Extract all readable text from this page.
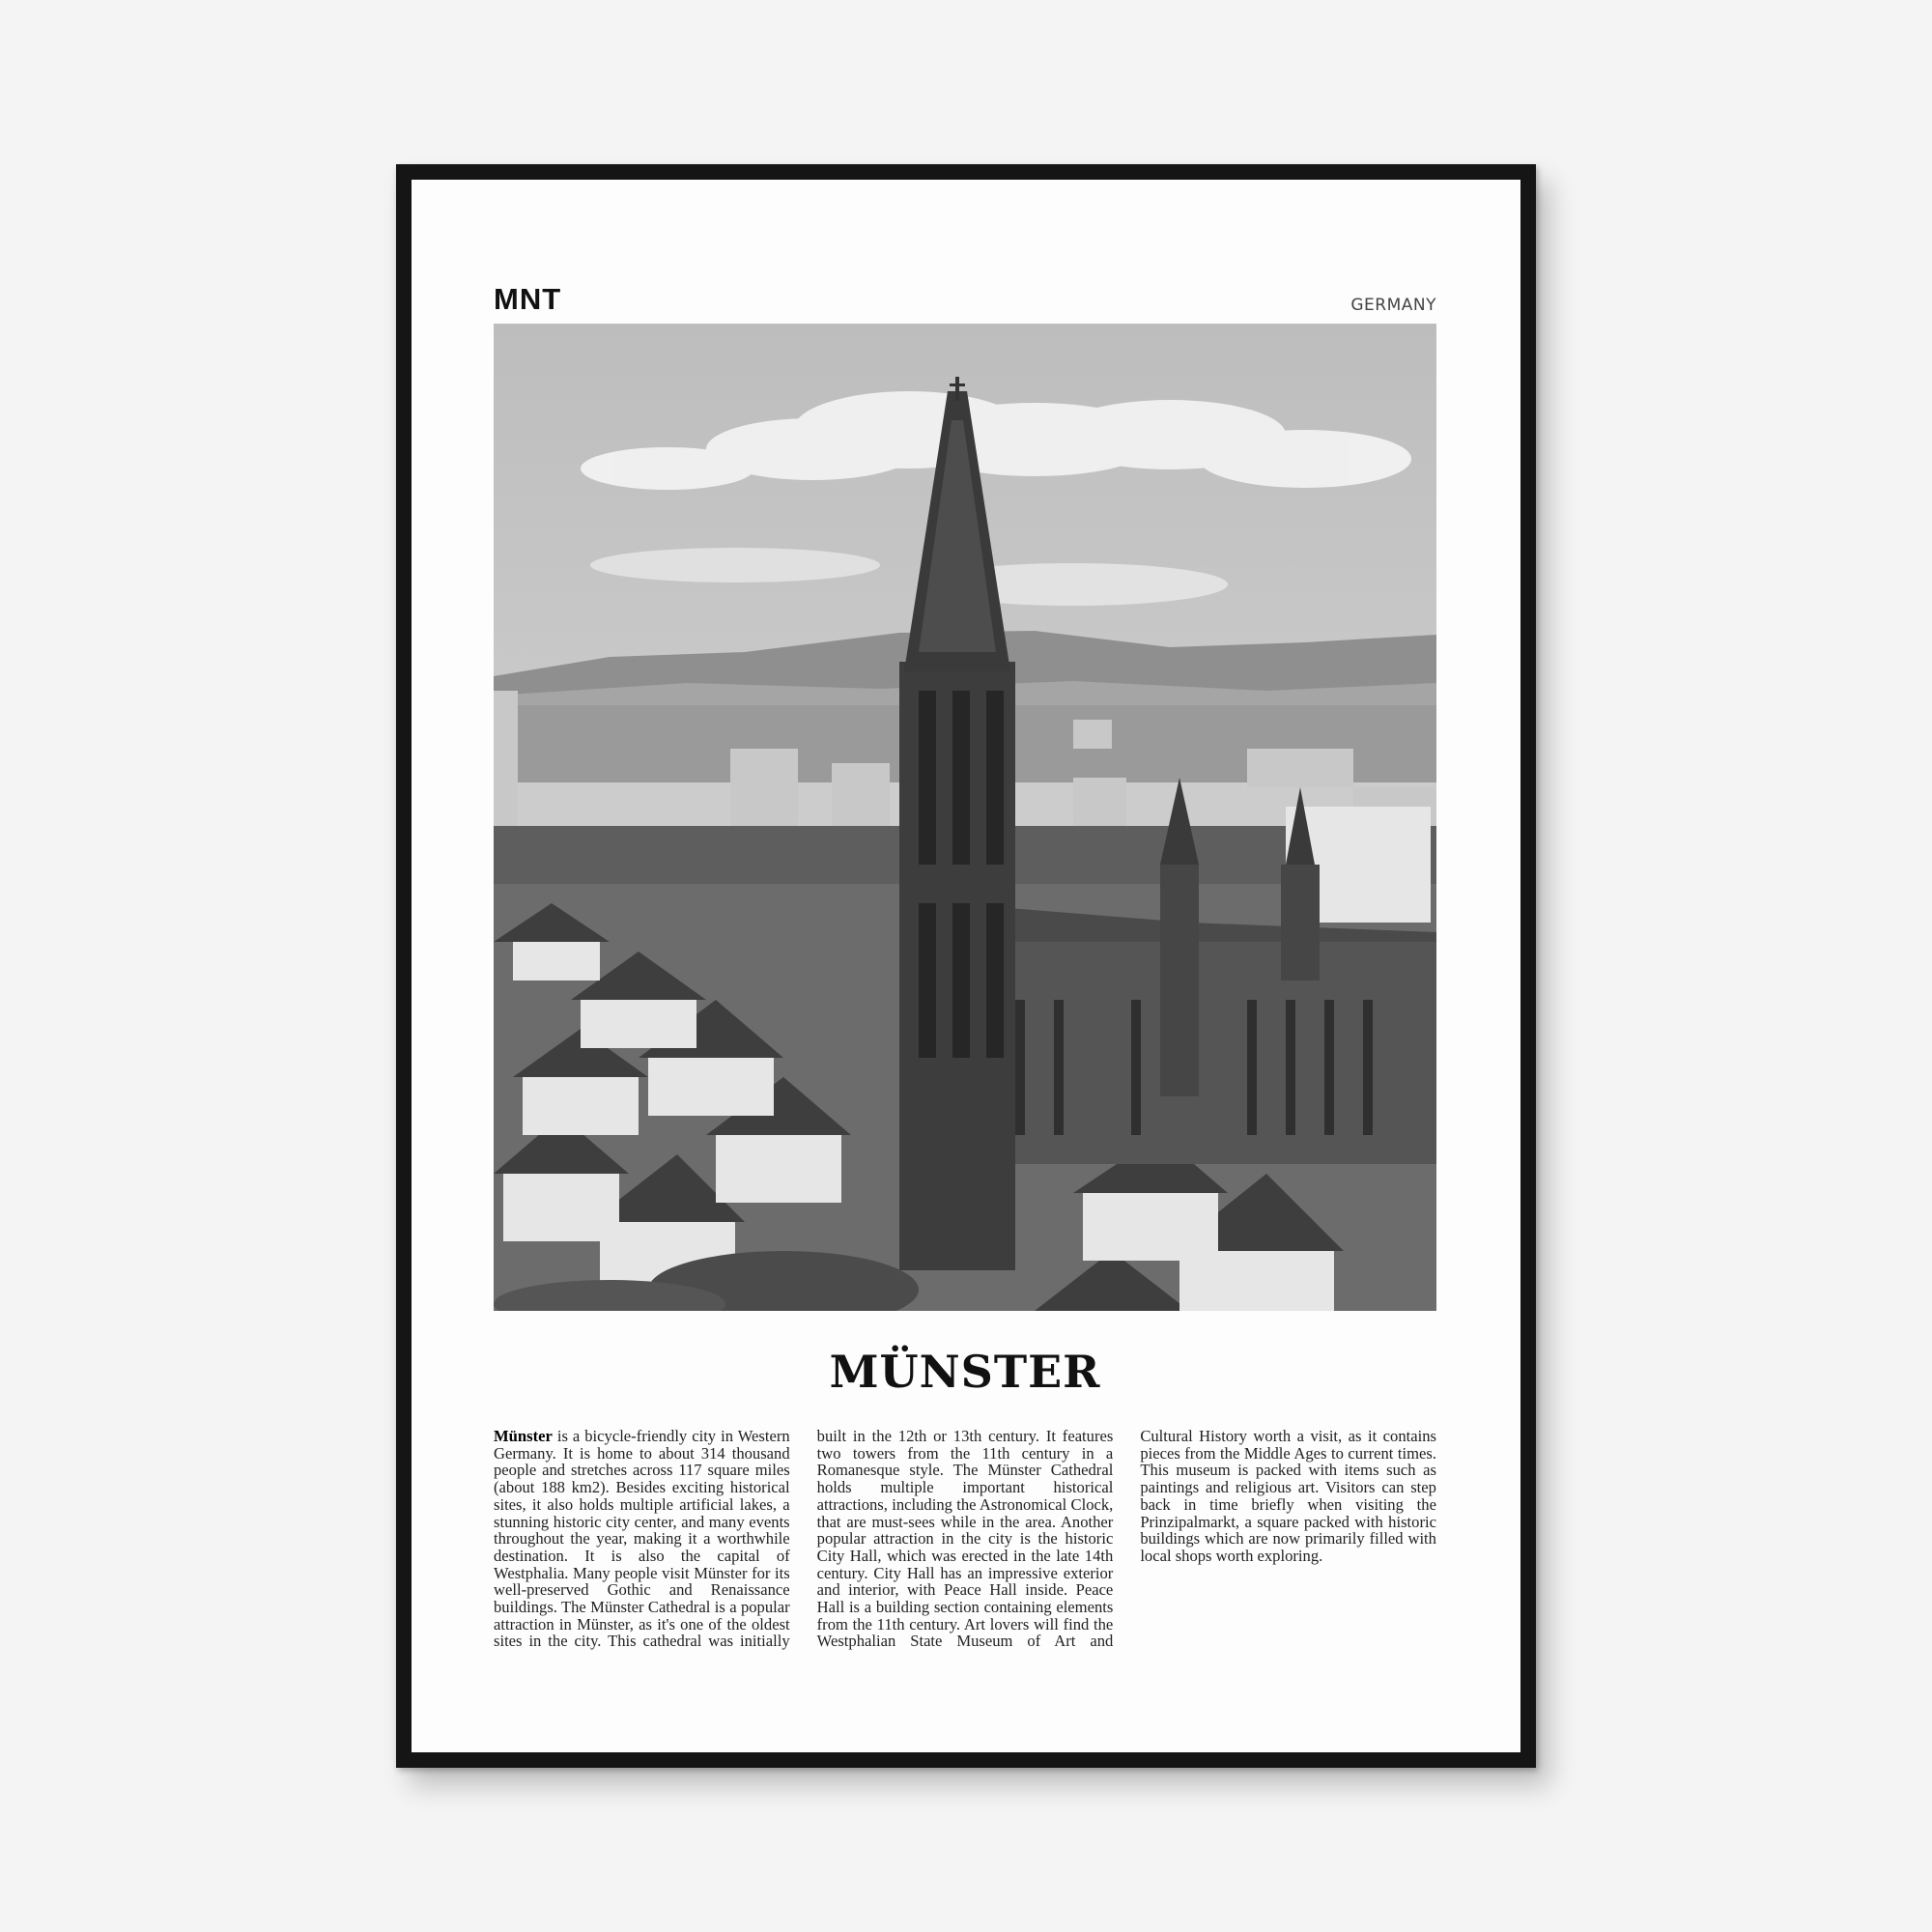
MNT	GERMANY
MÜNSTER
Münster is a bicycle-friendly city in Western Germany. It is home to about 314 thousand people and stretches across 117 square miles (about 188 km2). Besides exciting historical sites, it also holds multiple artificial lakes, a stunning historic city center, and many events throughout the year, making it a worthwhile destination. It is also the capital of Westphalia. Many people visit Münster for its well-preserved Gothic and Renaissance buildings. The Münster Cathedral is a popular attraction in Münster, as it's one of the oldest sites in the city. This cathedral was initially built in the 12th or 13th century. It features two towers from the 11th century in a Romanesque style. The Münster Cathedral holds multiple important historical attractions, including the Astronomical Clock, that are must-sees while in the area. Another popular attraction in the city is the historic City Hall, which was erected in the late 14th century. City Hall has an impressive exterior and interior, with Peace Hall inside. Peace Hall is a building section containing elements from the 11th century. Art lovers will find the Westphalian State Museum of Art and Cultural History worth a visit, as it contains pieces from the Middle Ages to current times. This museum is packed with items such as paintings and religious art. Visitors can step back in time briefly when visiting the Prinzipalmarkt, a square packed with historic buildings which are now primarily filled with local shops worth exploring.
